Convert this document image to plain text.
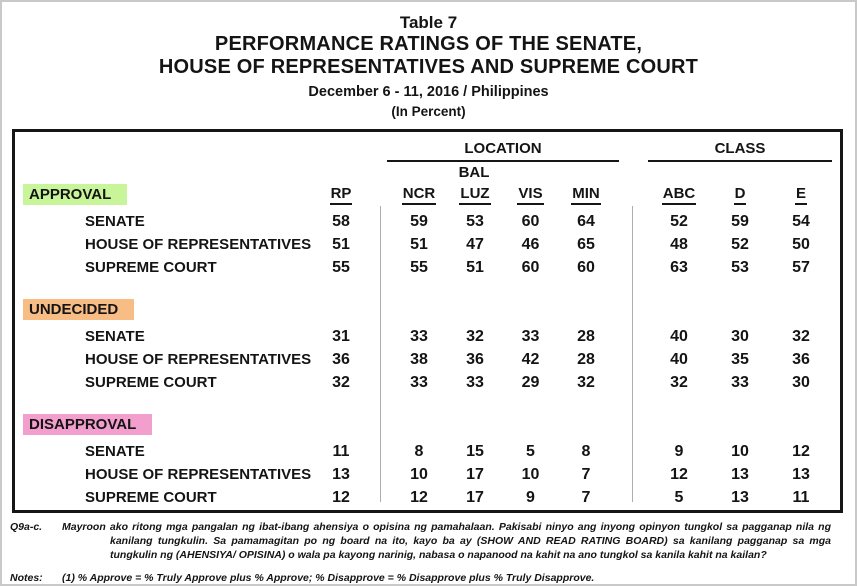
Table 7
PERFORMANCE RATINGS OF THE SENATE,
HOUSE OF REPRESENTATIVES AND SUPREME COURT
December 6 - 11, 2016 / Philippines
(In Percent)
LOCATION	CLASS
BAL
APPROVAL	RP	NCR	LUZ	VIS	MIN	ABC	D	E
SENATE	58	59	53	60	64	52	59	54
HOUSE OF REPRESENTATIVES	51	51	47	46	65	48	52	50
SUPREME COURT	55	55	51	60	60	63	53	57
UNDECIDED
SENATE	31	33	32	33	28	40	30	32
HOUSE OF REPRESENTATIVES	36	38	36	42	28	40	35	36
SUPREME COURT	32	33	33	29	32	32	33	30
DISAPPROVAL
SENATE	11	8	15	5	8	9	10	12
HOUSE OF REPRESENTATIVES	13	10	17	10	7	12	13	13
SUPREME COURT	12	12	17	9	7	5	13	11
Q9a-c.	Mayroon ako ritong mga pangalan ng ibat-ibang ahensiya o opisina ng pamahalaan. Pakisabi ninyo ang inyong opinyon tungkol sa pagganap nila ng kanilang tungkulin. Sa pamamagitan po ng board na ito, kayo ba ay (SHOW AND READ RATING BOARD) sa kanilang pagganap sa mga tungkulin ng (AHENSIYA/ OPISINA) o wala pa kayong narinig, nabasa o napanood na kahit na ano tungkol sa kanila kahit na kailan?
Notes:	(1) % Approve = % Truly Approve plus % Approve; % Disapprove = % Disapprove plus % Truly Disapprove.
